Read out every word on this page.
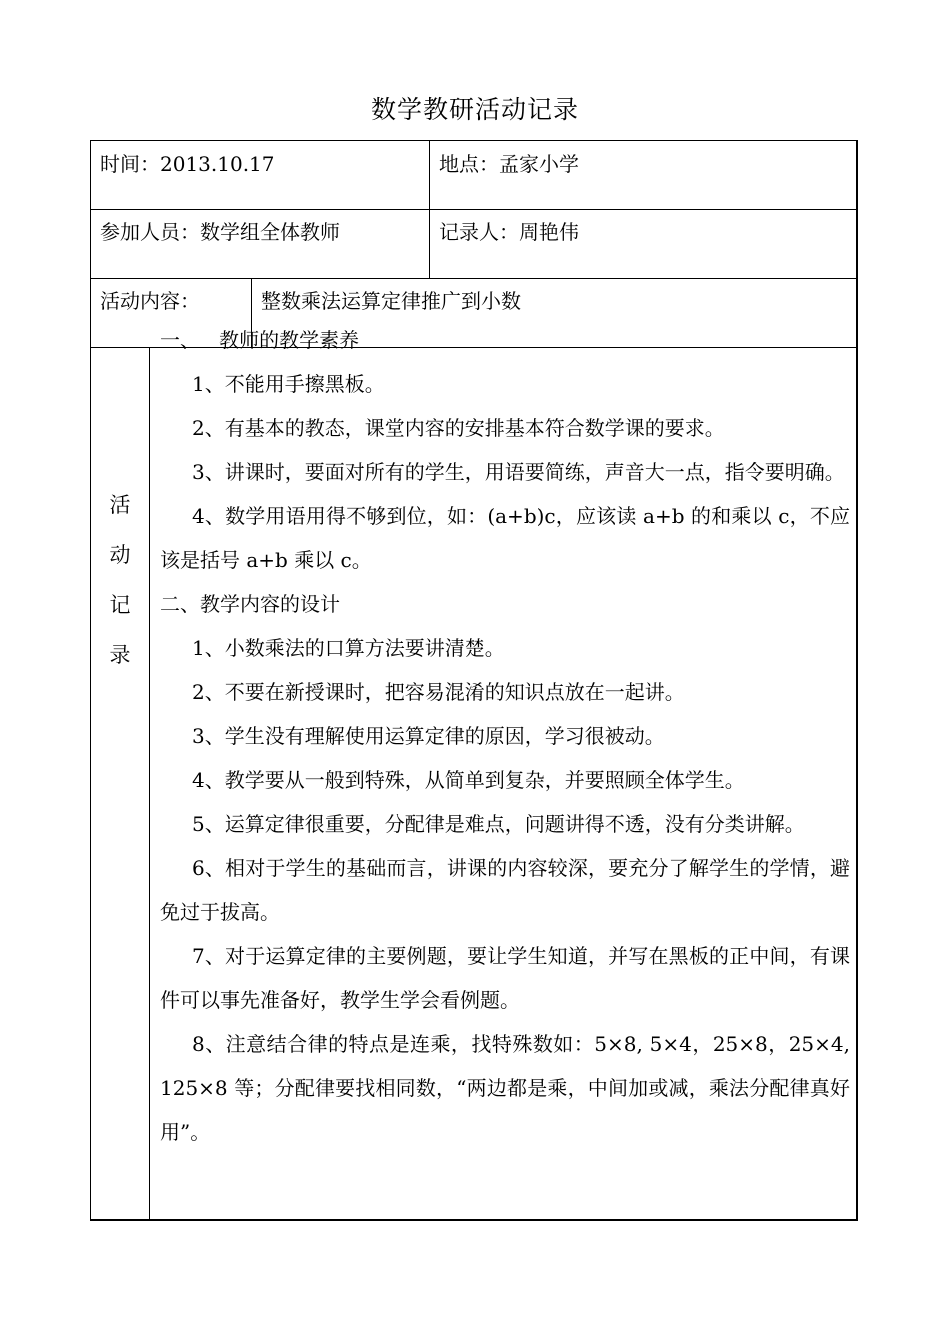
数学教研活动记录
时间：2013.10.17	地点：孟家小学
参加人员：数学组全体教师	记录人：周艳伟
活动内容：	整数乘法运算定律推广到小数
活
动
记
录

一、   教师的教学素养

1、不能用手擦黑板。

2、有基本的教态，课堂内容的安排基本符合数学课的要求。

3、讲课时，要面对所有的学生，用语要简练，声音大一点，指令要明确。

4、数学用语用得不够到位，如：(a+b)c，应该读 a+b 的和乘以 c，不应该是括号 a+b 乘以 c。

二、教学内容的设计

1、小数乘法的口算方法要讲清楚。

2、不要在新授课时，把容易混淆的知识点放在一起讲。

3、学生没有理解使用运算定律的原因，学习很被动。

4、教学要从一般到特殊，从简单到复杂，并要照顾全体学生。

5、运算定律很重要，分配律是难点，问题讲得不透，没有分类讲解。

6、相对于学生的基础而言，讲课的内容较深，要充分了解学生的学情，避免过于拔高。

7、对于运算定律的主要例题，要让学生知道，并写在黑板的正中间，有课件可以事先准备好，教学生学会看例题。

8、注意结合律的特点是连乘，找特殊数如：5×8, 5×4，25×8，25×4, 125×8 等；分配律要找相同数，“两边都是乘，中间加或减，乘法分配律真好用”。
